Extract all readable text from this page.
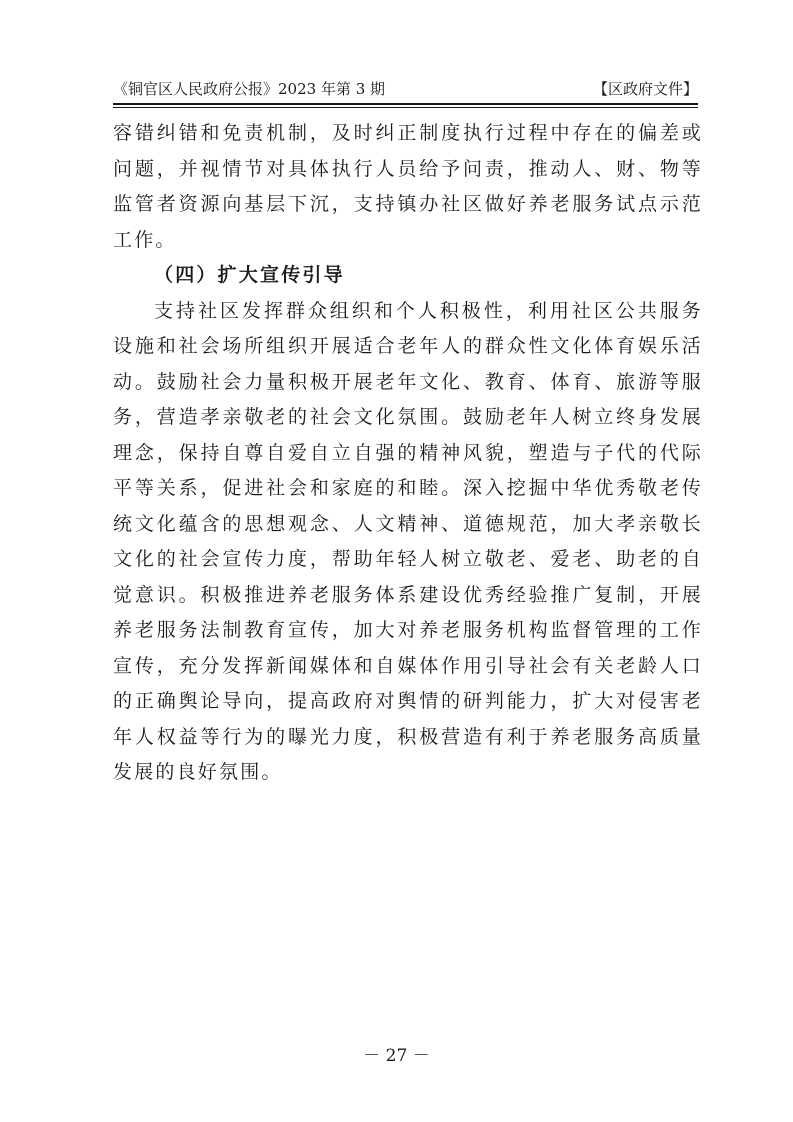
《铜官区人民政府公报》2023 年第 3 期	【区政府文件】
容错纠错和免责机制，及时纠正制度执行过程中存在的偏差或
问题，并视情节对具体执行人员给予问责，推动人、财、物等
监管者资源向基层下沉，支持镇办社区做好养老服务试点示范
工作。
（四）扩大宣传引导
支持社区发挥群众组织和个人积极性，利用社区公共服务
设施和社会场所组织开展适合老年人的群众性文化体育娱乐活
动。鼓励社会力量积极开展老年文化、教育、体育、旅游等服
务，营造孝亲敬老的社会文化氛围。鼓励老年人树立终身发展
理念，保持自尊自爱自立自强的精神风貌，塑造与子代的代际
平等关系，促进社会和家庭的和睦。深入挖掘中华优秀敬老传
统文化蕴含的思想观念、人文精神、道德规范，加大孝亲敬长
文化的社会宣传力度，帮助年轻人树立敬老、爱老、助老的自
觉意识。积极推进养老服务体系建设优秀经验推广复制，开展
养老服务法制教育宣传，加大对养老服务机构监督管理的工作
宣传，充分发挥新闻媒体和自媒体作用引导社会有关老龄人口
的正确舆论导向，提高政府对舆情的研判能力，扩大对侵害老
年人权益等行为的曝光力度，积极营造有利于养老服务高质量
发展的良好氛围。
－ 27 －
